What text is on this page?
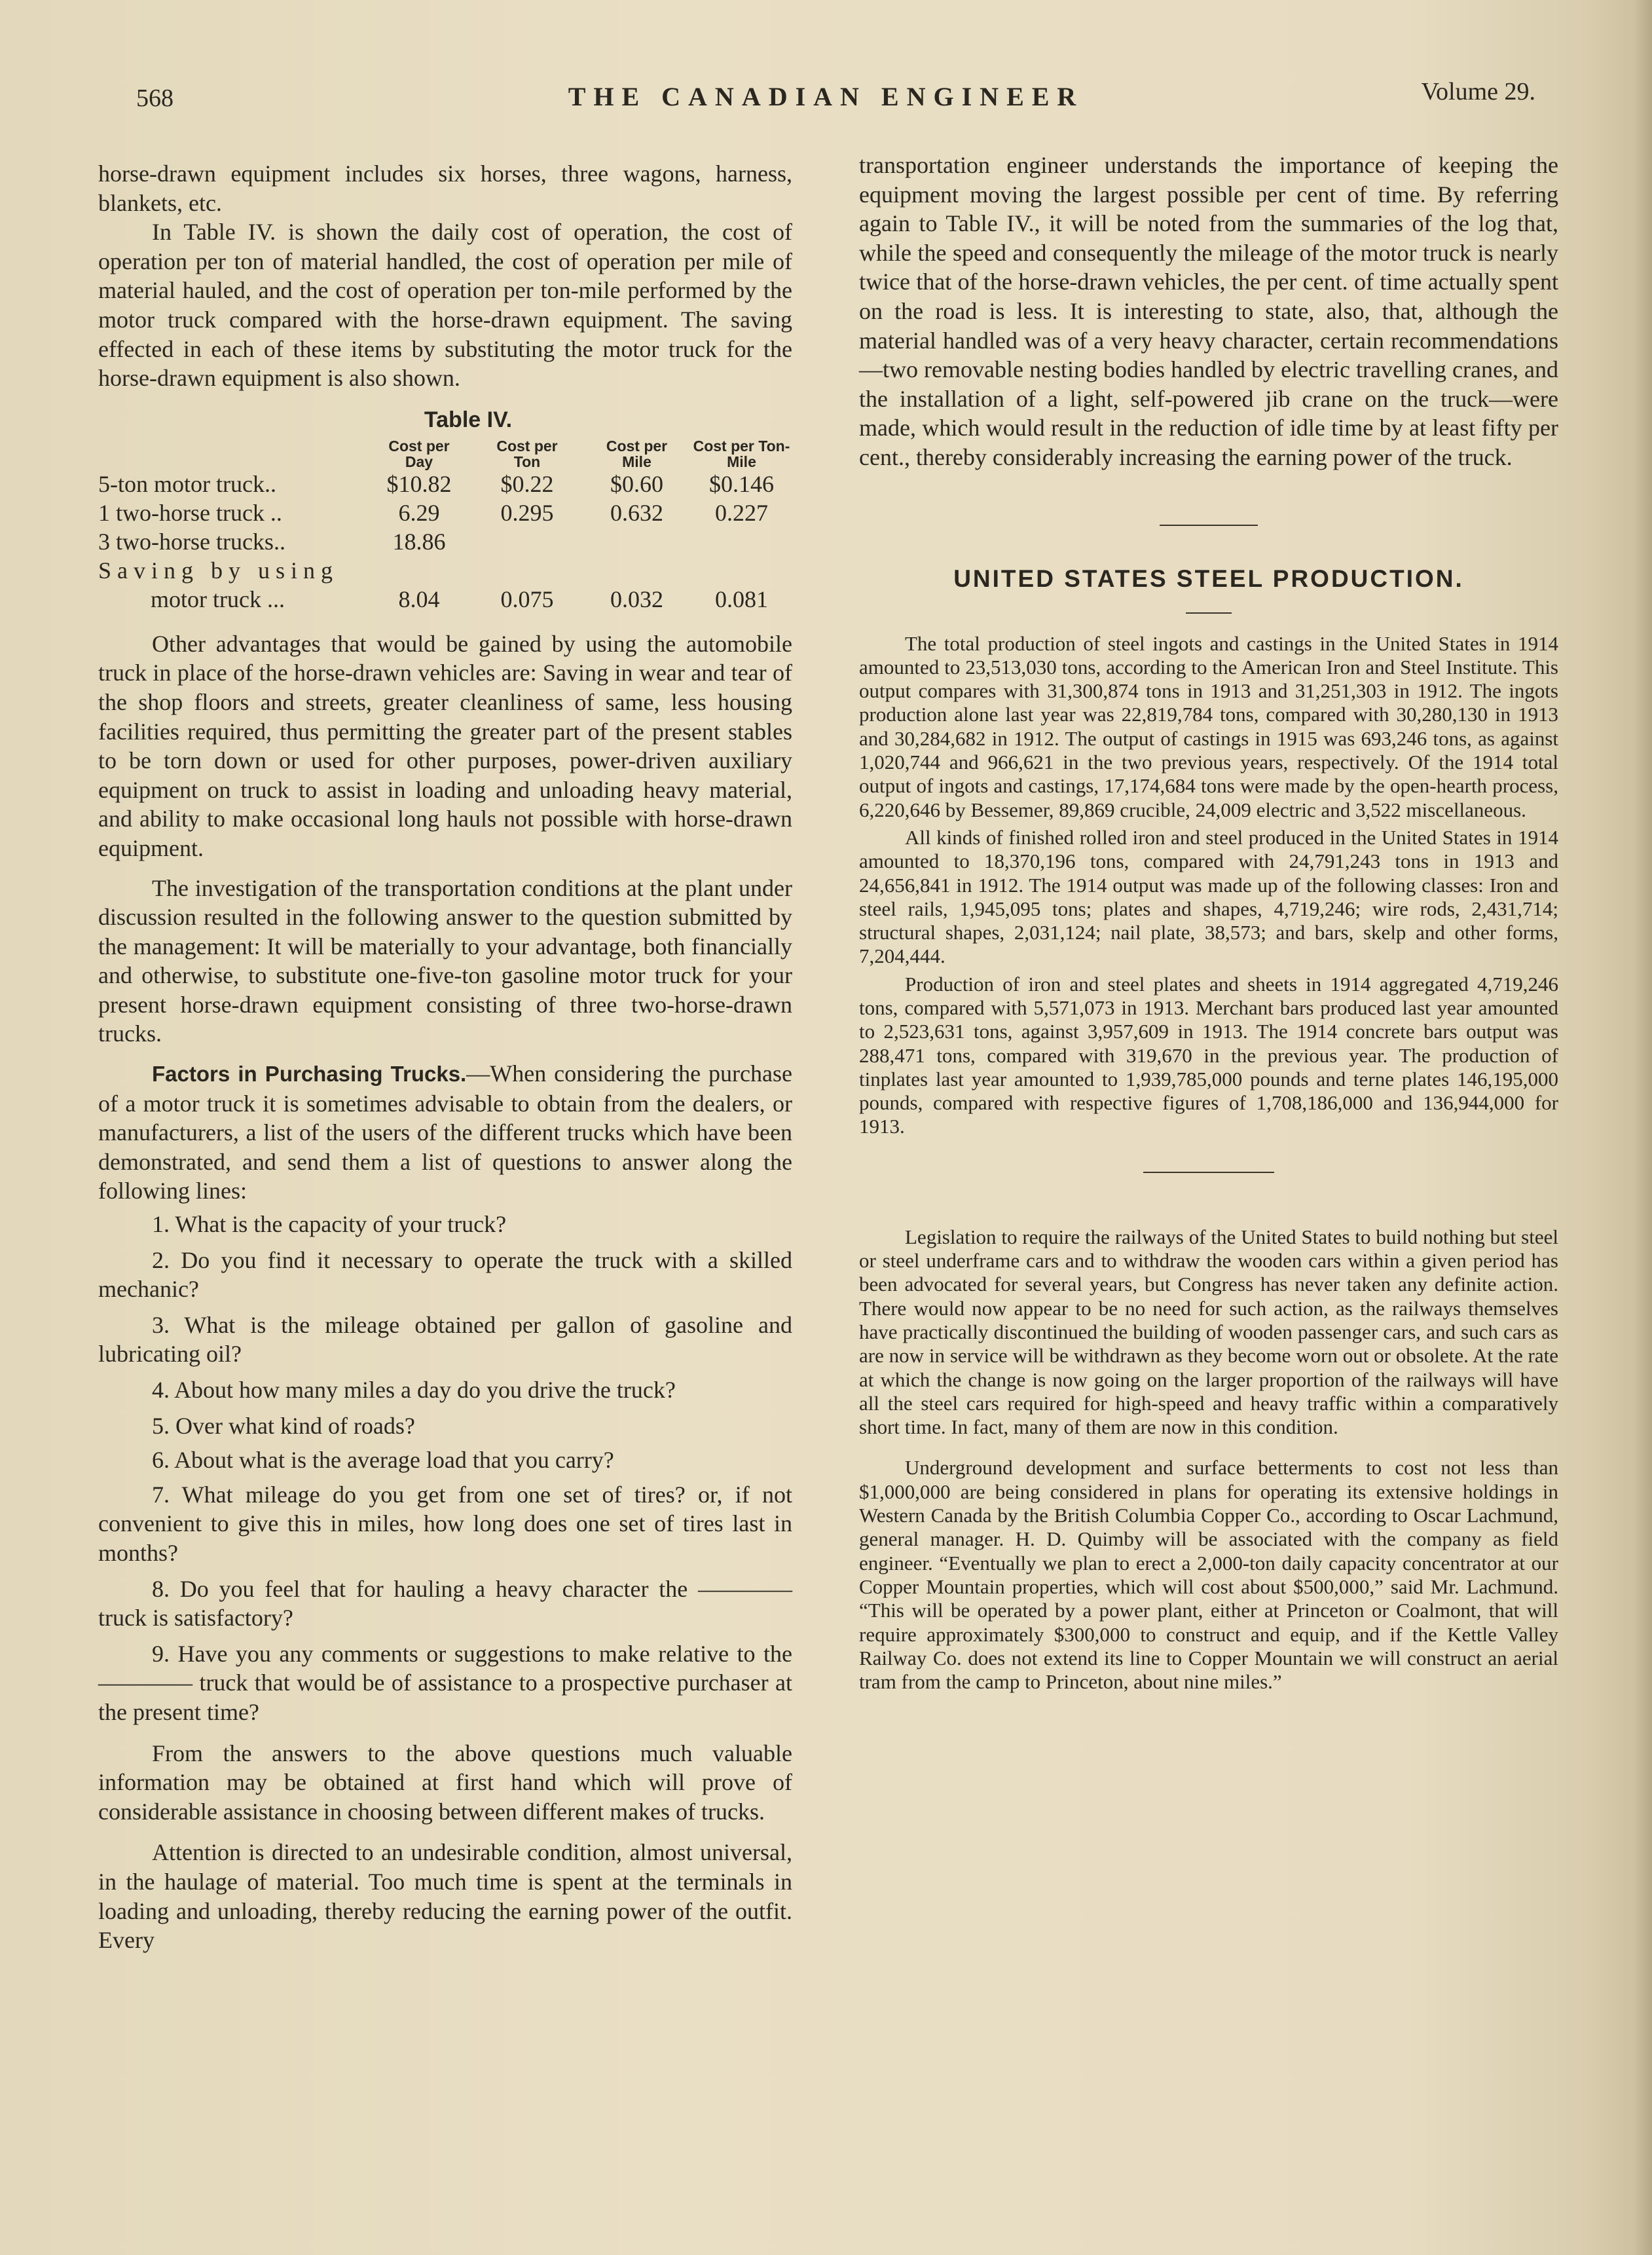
568	THE CANADIAN ENGINEER	Volume 29.

horse-drawn equipment includes six horses, three wagons, harness, blankets, etc.

In Table IV. is shown the daily cost of operation, the cost of operation per ton of material handled, the cost of operation per mile of material hauled, and the cost of operation per ton-mile performed by the motor truck compared with the horse-drawn equipment. The saving effected in each of these items by substituting the motor truck for the horse-drawn equipment is also shown.

Table IV.
	Cost per Day	Cost per Ton	Cost per Mile	Cost per Ton-Mile
5-ton motor truck..	$10.82	$0.22	$0.60	$0.146
1 two-horse truck ..	6.29	0.295	0.632	0.227
3 two-horse trucks..	18.86			
Saving by using				
motor truck ...	8.04	0.075	0.032	0.081

Other advantages that would be gained by using the automobile truck in place of the horse-drawn vehicles are: Saving in wear and tear of the shop floors and streets, greater cleanliness of same, less housing facilities required, thus permitting the greater part of the present stables to be torn down or used for other purposes, power-driven auxiliary equipment on truck to assist in loading and unloading heavy material, and ability to make occasional long hauls not possible with horse-drawn equipment.

The investigation of the transportation conditions at the plant under discussion resulted in the following answer to the question submitted by the management: It will be materially to your advantage, both financially and otherwise, to substitute one-five-ton gasoline motor truck for your present horse-drawn equipment consisting of three two-horse-drawn trucks.

Factors in Purchasing Trucks.—When considering the purchase of a motor truck it is sometimes advisable to obtain from the dealers, or manufacturers, a list of the users of the different trucks which have been demonstrated, and send them a list of questions to answer along the following lines:

1. What is the capacity of your truck?

2. Do you find it necessary to operate the truck with a skilled mechanic?

3. What is the mileage obtained per gallon of gasoline and lubricating oil?

4. About how many miles a day do you drive the truck?

5. Over what kind of roads?

6. About what is the average load that you carry?

7. What mileage do you get from one set of tires? or, if not convenient to give this in miles, how long does one set of tires last in months?

8. Do you feel that for hauling a heavy character the ———— truck is satisfactory?

9. Have you any comments or suggestions to make relative to the ———— truck that would be of assistance to a prospective purchaser at the present time?

From the answers to the above questions much valuable information may be obtained at first hand which will prove of considerable assistance in choosing between different makes of trucks.

Attention is directed to an undesirable condition, almost universal, in the haulage of material. Too much time is spent at the terminals in loading and unloading, thereby reducing the earning power of the outfit. Every

transportation engineer understands the importance of keeping the equipment moving the largest possible per cent of time. By referring again to Table IV., it will be noted from the summaries of the log that, while the speed and consequently the mileage of the motor truck is nearly twice that of the horse-drawn vehicles, the per cent. of time actually spent on the road is less. It is interesting to state, also, that, although the material handled was of a very heavy character, certain recommendations—two removable nesting bodies handled by electric travelling cranes, and the installation of a light, self-powered jib crane on the truck—were made, which would result in the reduction of idle time by at least fifty per cent., thereby considerably increasing the earning power of the truck.

UNITED STATES STEEL PRODUCTION.

The total production of steel ingots and castings in the United States in 1914 amounted to 23,513,030 tons, according to the American Iron and Steel Institute. This output compares with 31,300,874 tons in 1913 and 31,251,303 in 1912. The ingots production alone last year was 22,819,784 tons, compared with 30,280,130 in 1913 and 30,284,682 in 1912. The output of castings in 1915 was 693,246 tons, as against 1,020,744 and 966,621 in the two previous years, respectively. Of the 1914 total output of ingots and castings, 17,174,684 tons were made by the open-hearth process, 6,220,646 by Bessemer, 89,869 crucible, 24,009 electric and 3,522 miscellaneous.

All kinds of finished rolled iron and steel produced in the United States in 1914 amounted to 18,370,196 tons, compared with 24,791,243 tons in 1913 and 24,656,841 in 1912. The 1914 output was made up of the following classes: Iron and steel rails, 1,945,095 tons; plates and shapes, 4,719,246; wire rods, 2,431,714; structural shapes, 2,031,124; nail plate, 38,573; and bars, skelp and other forms, 7,204,444.

Production of iron and steel plates and sheets in 1914 aggregated 4,719,246 tons, compared with 5,571,073 in 1913. Merchant bars produced last year amounted to 2,523,631 tons, against 3,957,609 in 1913. The 1914 concrete bars output was 288,471 tons, compared with 319,670 in the previous year. The production of tinplates last year amounted to 1,939,785,000 pounds and terne plates 146,195,000 pounds, compared with respective figures of 1,708,186,000 and 136,944,000 for 1913.

Legislation to require the railways of the United States to build nothing but steel or steel underframe cars and to withdraw the wooden cars within a given period has been advocated for several years, but Congress has never taken any definite action. There would now appear to be no need for such action, as the railways themselves have practically discontinued the building of wooden passenger cars, and such cars as are now in service will be withdrawn as they become worn out or obsolete. At the rate at which the change is now going on the larger proportion of the railways will have all the steel cars required for high-speed and heavy traffic within a comparatively short time. In fact, many of them are now in this condition.

Underground development and surface betterments to cost not less than $1,000,000 are being considered in plans for operating its extensive holdings in Western Canada by the British Columbia Copper Co., according to Oscar Lachmund, general manager. H. D. Quimby will be associated with the company as field engineer. “Eventually we plan to erect a 2,000-ton daily capacity concentrator at our Copper Mountain properties, which will cost about $500,000,” said Mr. Lachmund. “This will be operated by a power plant, either at Princeton or Coalmont, that will require approximately $300,000 to construct and equip, and if the Kettle Valley Railway Co. does not extend its line to Copper Mountain we will construct an aerial tram from the camp to Princeton, about nine miles.”
